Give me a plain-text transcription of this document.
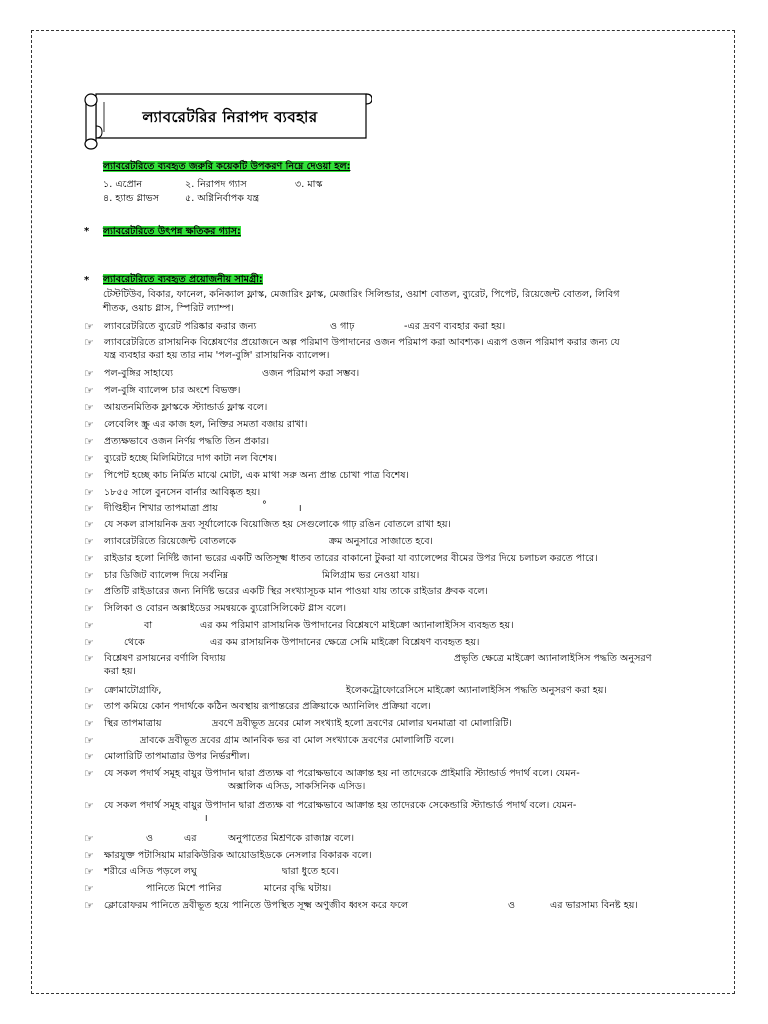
ল্যাবরেটরির নিরাপদ ব্যবহার
ল্যাবরেটরিতে ব্যবহৃত জরুরি কয়েকটি উপকরণ নিম্নে দেওয়া হল:
১. এপ্রোন	২. নিরাপদ গ্যাস	৩. মাস্ক
৪. হ্যান্ড গ্লাভস	৫. অগ্নিনির্বাপক যন্ত্র
* ল্যাবরেটরিতে উৎপন্ন ক্ষতিকর গ্যাস:
* ল্যাবরেটরিতে ব্যবহৃত প্রয়োজনীয় সামগ্রী:
টেস্টটিউব, বিকার, ফানেল, কনিক্যাল ফ্লাস্ক, মেজারিং ফ্লাস্ক, মেজারিং সিলিন্ডার, ওয়াশ বোতল, ব্যুরেট, পিপেট, রিয়েজেন্ট বোতল, লিবিগ
শীতক, ওয়াচ গ্লাস, স্পিরিট ল্যাম্প।
☞ ল্যাবরেটরিতে ব্যুরেট পরিষ্কার করার জন্য	ও গাঢ়	-এর দ্রবণ ব্যবহার করা হয়।
☞ ল্যাবরেটরিতে রাসায়নিক বিশ্লেষণের প্রয়োজনে অল্প পরিমাণ উপাদানের ওজন পরিমাপ করা আবশ্যক। এরূপ ওজন পরিমাপ করার জন্য যে
যন্ত্র ব্যবহার করা হয় তার নাম 'পল-বুঙ্গি' রাসায়নিক ব্যালেন্স।
☞ পল-বুঙ্গির সাহায্যে	ওজন পরিমাপ করা সম্ভব।
☞ পল-বুঙ্গি ব্যালেন্স চার অংশে বিভক্ত।
☞ আয়তনমিতিক ফ্লাস্ককে স্ট্যান্ডার্ড ফ্লাস্ক বলে।
☞ লেবেলিং স্ক্রু এর কাজ হল, নিক্তির সমতা বজায় রাখা।
☞ প্রত্যক্ষভাবে ওজন নির্ণয় পদ্ধতি তিন প্রকার।
☞ ব্যুরেট হচ্ছে মিলিমিটারে দাগ কাটা নল বিশেষ।
☞ পিপেট হচ্ছে কাচ নির্মিত মাঝে মোটা, এক মাথা সরু অন্য প্রান্ত চোখা পাত্র বিশেষ।
☞ ১৮৫৫ সালে বুনসেন বার্নার আবিষ্কৃত হয়।
☞ দীপ্তিহীন শিখার তাপমাত্রা প্রায়	°	।
☞ যে সকল রাসায়নিক দ্রব্য সূর্যালোকে বিয়োজিত হয় সেগুলোকে গাঢ় রঙিন বোতলে রাখা হয়।
☞ ল্যাবরেটরিতে রিয়েজেন্ট বোতলকে	ক্রম অনুসারে সাজাতে হবে।
☞ রাইডার হলো নির্দিষ্ট জানা ভরের একটি অতিসূক্ষ্ম ধাতব তারের বাকানো টুকরা যা ব্যালেন্সের বীমের উপর দিয়ে চলাচল করতে পারে।
☞ চার ডিজিট ব্যালেন্স দিয়ে সর্বনিম্ন	মিলিগ্রাম ভর নেওয়া যায়।
☞ প্রতিটি রাইডারের জন্য নির্দিষ্ট ভরের একটি স্থির সংখ্যাসূচক মান পাওয়া যায় তাকে রাইডার ধ্রুবক বলে।
☞ সিলিকা ও বোরন অক্সাইডের সমন্বয়কে ব্যুরোসিলিকেট গ্লাস বলে।
☞	বা	এর কম পরিমাণ রাসায়নিক উপাদানের বিশ্লেষণে মাইক্রো অ্যানালাইসিস ব্যবহৃত হয়।
☞	থেকে	এর কম রাসায়নিক উপাদানের ক্ষেত্রে সেমি মাইক্রো বিশ্লেষণ ব্যবহৃত হয়।
☞ বিশ্লেষণ রসায়নের বর্ণালি বিদ্যায়	প্রভৃতি ক্ষেত্রে মাইক্রো অ্যানালাইসিস পদ্ধতি অনুসরণ
করা হয়।
☞ ক্রোমাটোগ্রাফি,	ইলেকট্রোফোরেসিসে মাইক্রো অ্যানালাইসিস পদ্ধতি অনুসরণ করা হয়।
☞ তাপ কমিয়ে কোন পদার্থকে কঠিন অবস্থায় রূপান্তরের প্রক্রিয়াকে অ্যানিলিং প্রক্রিয়া বলে।
☞ স্থির তাপমাত্রায়	দ্রবণে দ্রবীভূত দ্রবের মোল সংখ্যাই হলো দ্রবণের মোলার ঘনমাত্রা বা মোলারিটি।
☞	দ্রাবকে দ্রবীভূত দ্রবের গ্রাম আনবিক ভর বা মোল সংখ্যাকে দ্রবণের মোলালিটি বলে।
☞ মোলারিটি তাপমাত্রার উপর নির্ভরশীল।
☞ যে সকল পদার্থ সমূহ বায়ুর উপাদান দ্বারা প্রত্যক্ষ বা পরোক্ষভাবে আক্রান্ত হয় না তাদেরকে প্রাইমারি স্ট্যান্ডার্ড পদার্থ বলে। যেমন-
অক্সালিক এসিড, সাকসিনিক এসিড।
☞ যে সকল পদার্থ সমূহ বায়ুর উপাদান দ্বারা প্রত্যক্ষ বা পরোক্ষভাবে আক্রান্ত হয় তাদেরকে সেকেন্ডারি স্ট্যান্ডার্ড পদার্থ বলে। যেমন-
।
☞	ও	এর	অনুপাতের মিশ্রণকে রাজাম্ল বলে।
☞ ক্ষারযুক্ত পটাসিয়াম মারকিউরিক আয়োডাইডকে নেসলার বিকারক বলে।
☞ শরীরে এসিড পড়লে লঘু	দ্বারা ধুতে হবে।
☞	পানিতে মিশে পানির	মানের বৃদ্ধি ঘটায়।
☞ ক্লোরোফরম পানিতে দ্রবীভূত হয়ে পানিতে উপস্থিত সূক্ষ্ম অণুজীব ধ্বংস করে ফলে	ও	এর ভারসাম্য বিনষ্ট হয়।
